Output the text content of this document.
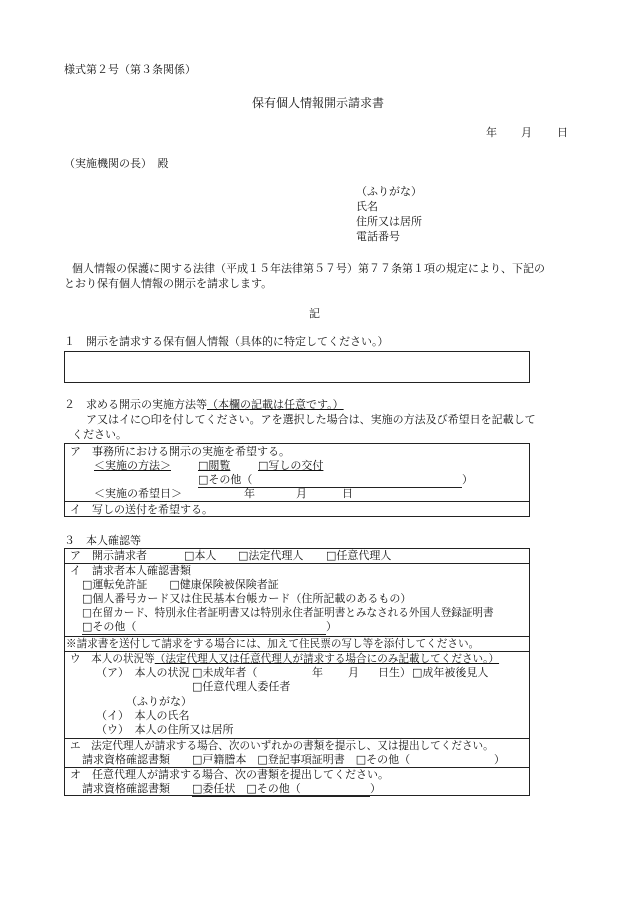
様式第２号（第３条関係）
保有個人情報開示請求書
年 月 日
（実施機関の長）　殿
（ふりがな）
氏名
住所又は居所
電話番号
個人情報の保護に関する法律（平成１５年法律第５７号）第７７条第１項の規定により、下記の
とおり保有個人情報の開示を請求します。
記
１　開示を請求する保有個人情報（具体的に特定してください。）
２　求める開示の実施方法等（本欄の記載は任意です。）
ア又はイに○印を付してください。アを選択した場合は、実施の方法及び希望日を記載して
ください。
ア　事務所における開示の実施を希望する。
＜実施の方法＞ □閲覧	□写しの交付
□その他（	）
＜実施の希望日＞	年	月	日
イ　写しの送付を希望する。
３　本人確認等
ア　開示請求者	□本人 □法定代理人 □任意代理人
イ　請求者本人確認書類
□運転免許証　　□健康保険被保険者証
□個人番号カード又は住民基本台帳カード（住所記載のあるもの）
□在留カード、特別永住者証明書又は特別永住者証明書とみなされる外国人登録証明書
□その他（	）
※請求書を送付して請求をする場合には、加えて住民票の写し等を添付してください。
ウ　本人の状況等（法定代理人又は任意代理人が請求する場合にのみ記載してください。）
（ア）　本人の状況 □未成年者（	年 月 日生） □成年被後見人
□任意代理人委任者
（ふりがな）
（イ）　本人の氏名
（ウ）　本人の住所又は居所
エ　法定代理人が請求する場合、次のいずれかの書類を提示し、又は提出してください。
請求資格確認書類 □戸籍謄本　□登記事項証明書　□その他（	）
オ　任意代理人が請求する場合、次の書類を提出してください。
請求資格確認書類 □委任状　□その他（	）
